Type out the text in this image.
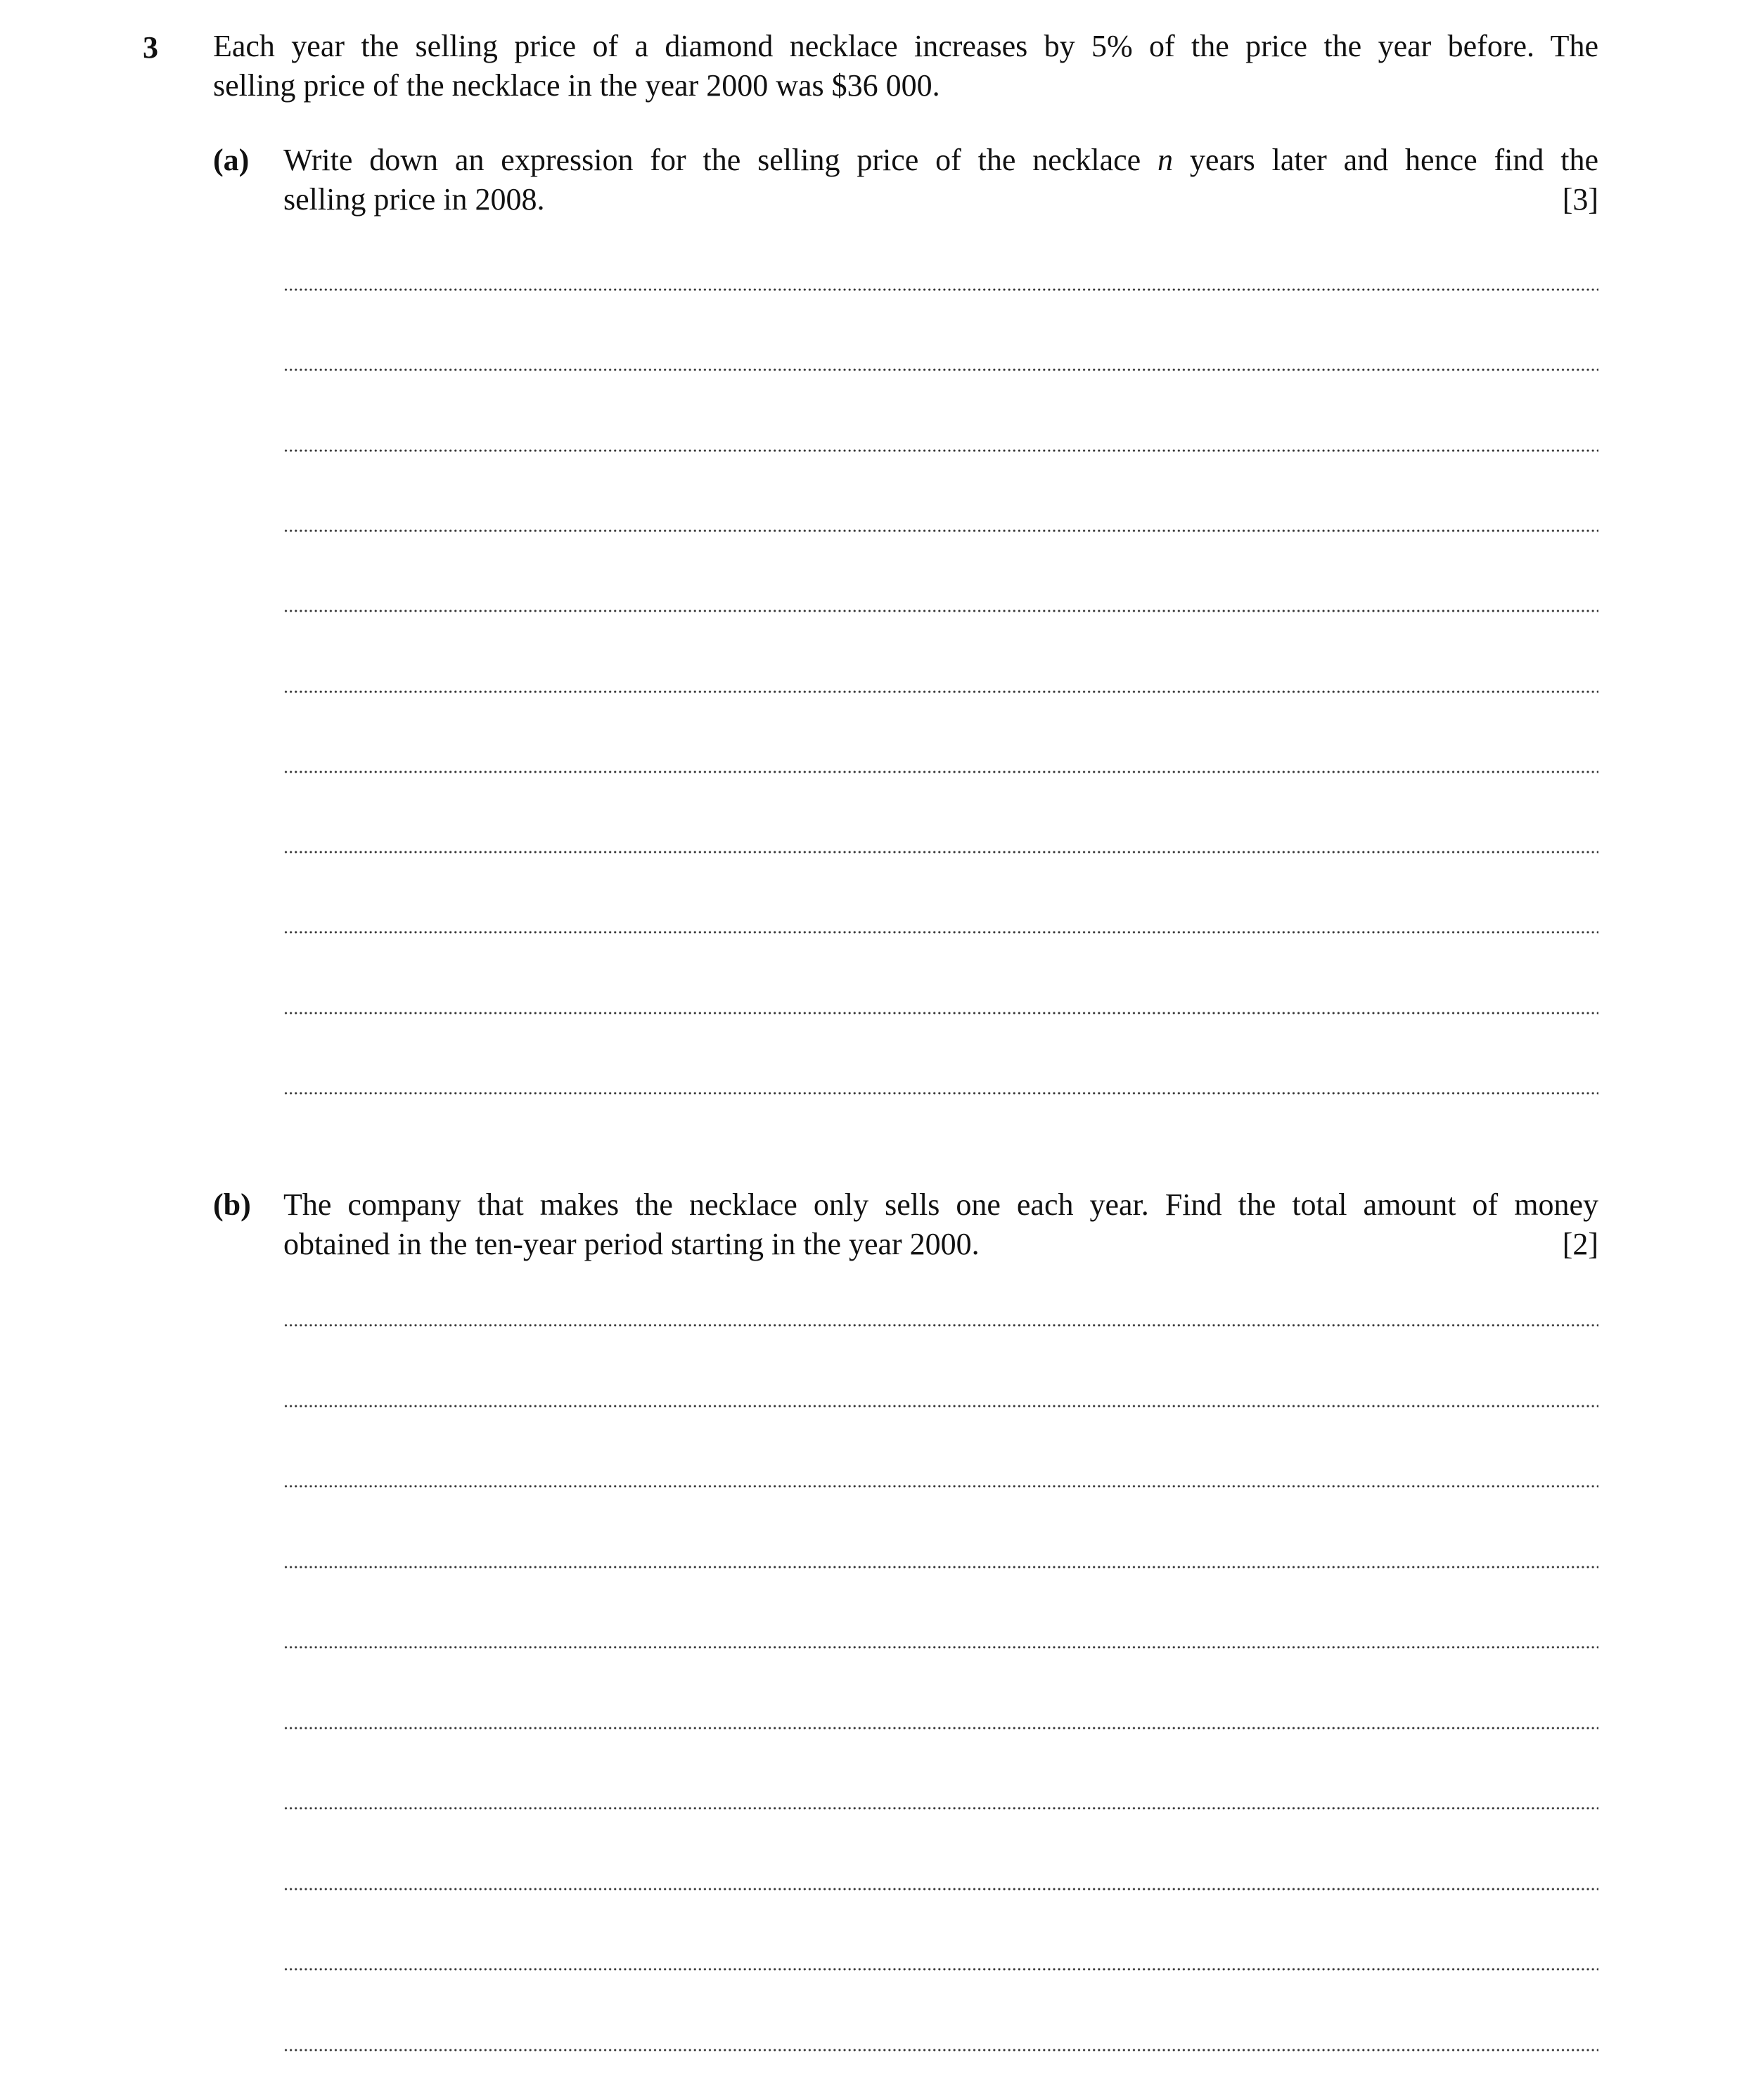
3 Each year the selling price of a diamond necklace increases by 5% of the price the year before. The
selling price of the necklace in the year 2000 was $36 000.
(a) Write down an expression for the selling price of the necklace n years later and hence find the
selling price in 2008.	[3]
(b) The company that makes the necklace only sells one each year. Find the total amount of money
obtained in the ten-year period starting in the year 2000.	[2]
